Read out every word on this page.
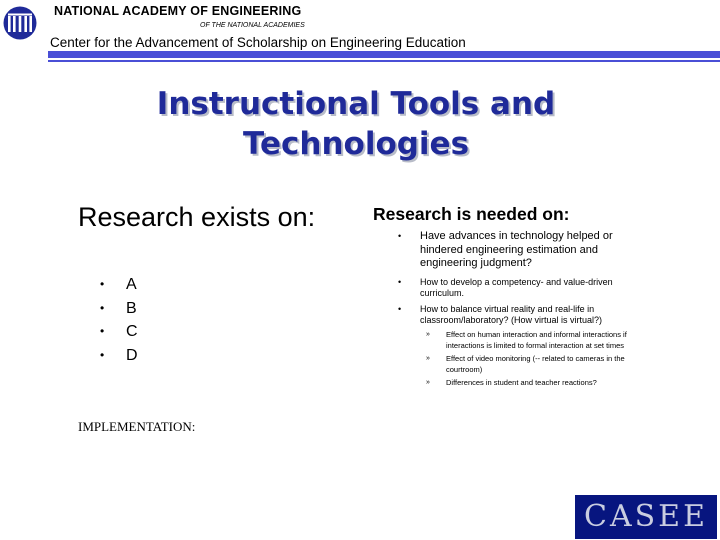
NATIONAL ACADEMY OF ENGINEERING
OF THE NATIONAL ACADEMIES
Center for the Advancement of Scholarship on Engineering Education
Instructional Tools and
Technologies
Research exists on:
• A
• B
• C
• D
IMPLEMENTATION:
Research is needed on:
• Have advances in technology helped or hindered engineering estimation and engineering judgment?
• How to develop a competency- and value-driven curriculum.
• How to balance virtual reality and real-life in classroom/laboratory? (How virtual is virtual?)
» Effect on human interaction and informal interactions if interactions is limited to formal interaction at set times
» Effect of video monitoring (-- related to cameras in the courtroom)
» Differences in student and teacher reactions?
CASEE
